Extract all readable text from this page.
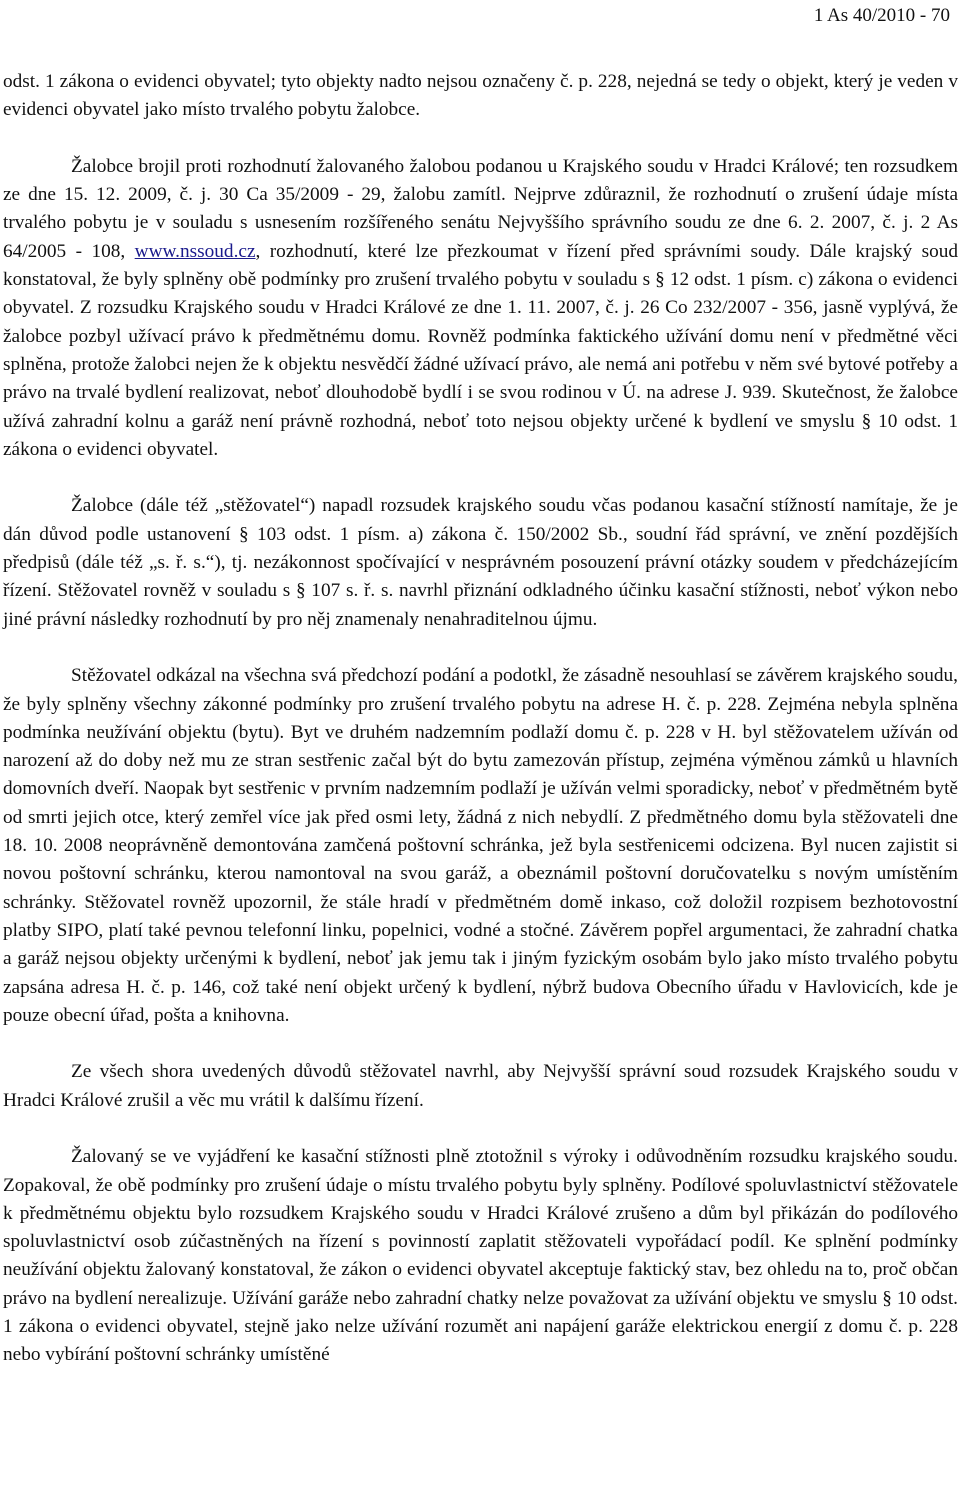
1 As 40/2010 - 70

odst. 1 zákona o evidenci obyvatel; tyto objekty nadto nejsou označeny č. p. 228, nejedná se tedy o objekt, který je veden v evidenci obyvatel jako místo trvalého pobytu žalobce.

Žalobce brojil proti rozhodnutí žalovaného žalobou podanou u Krajského soudu v Hradci Králové; ten rozsudkem ze dne 15. 12. 2009, č. j. 30 Ca 35/2009 - 29, žalobu zamítl. Nejprve zdůraznil, že rozhodnutí o zrušení údaje místa trvalého pobytu je v souladu s usnesením rozšířeného senátu Nejvyššího správního soudu ze dne 6. 2. 2007, č. j. 2 As 64/2005 - 108, www.nssoud.cz, rozhodnutí, které lze přezkoumat v řízení před správními soudy. Dále krajský soud konstatoval, že byly splněny obě podmínky pro zrušení trvalého pobytu v souladu s § 12 odst. 1 písm. c) zákona o evidenci obyvatel. Z rozsudku Krajského soudu v Hradci Králové ze dne 1. 11. 2007, č. j. 26 Co 232/2007 - 356, jasně vyplývá, že žalobce pozbyl užívací právo k předmětnému domu. Rovněž podmínka faktického užívání domu není v předmětné věci splněna, protože žalobci nejen že k objektu nesvědčí žádné užívací právo, ale nemá ani potřebu v něm své bytové potřeby a právo na trvalé bydlení realizovat, neboť dlouhodobě bydlí i se svou rodinou v Ú. na adrese J. 939. Skutečnost, že žalobce užívá zahradní kolnu a garáž není právně rozhodná, neboť toto nejsou objekty určené k bydlení ve smyslu § 10 odst. 1 zákona o evidenci obyvatel.

Žalobce (dále též „stěžovatel“) napadl rozsudek krajského soudu včas podanou kasační stížností namítaje, že je dán důvod podle ustanovení § 103 odst. 1 písm. a) zákona č. 150/2002 Sb., soudní řád správní, ve znění pozdějších předpisů (dále též „s. ř. s.“), tj. nezákonnost spočívající v nesprávném posouzení právní otázky soudem v předcházejícím řízení. Stěžovatel rovněž v souladu s § 107 s. ř. s. navrhl přiznání odkladného účinku kasační stížnosti, neboť výkon nebo jiné právní následky rozhodnutí by pro něj znamenaly nenahraditelnou újmu.

Stěžovatel odkázal na všechna svá předchozí podání a podotkl, že zásadně nesouhlasí se závěrem krajského soudu, že byly splněny všechny zákonné podmínky pro zrušení trvalého pobytu na adrese H. č. p. 228. Zejména nebyla splněna podmínka neužívání objektu (bytu). Byt ve druhém nadzemním podlaží domu č. p. 228 v H. byl stěžovatelem užíván od narození až do doby než mu ze stran sestřenic začal být do bytu zamezován přístup, zejména výměnou zámků u hlavních domovních dveří. Naopak byt sestřenic v prvním nadzemním podlaží je užíván velmi sporadicky, neboť v předmětném bytě od smrti jejich otce, který zemřel více jak před osmi lety, žádná z nich nebydlí. Z předmětného domu byla stěžovateli dne 18. 10. 2008 neoprávněně demontována zamčená poštovní schránka, jež byla sestřenicemi odcizena. Byl nucen zajistit si novou poštovní schránku, kterou namontoval na svou garáž, a obeznámil poštovní doručovatelku s novým umístěním schránky. Stěžovatel rovněž upozornil, že stále hradí v předmětném domě inkaso, což doložil rozpisem bezhotovostní platby SIPO, platí také pevnou telefonní linku, popelnici, vodné a stočné. Závěrem popřel argumentaci, že zahradní chatka a garáž nejsou objekty určenými k bydlení, neboť jak jemu tak i jiným fyzickým osobám bylo jako místo trvalého pobytu zapsána adresa H. č. p. 146, což také není objekt určený k bydlení, nýbrž budova Obecního úřadu v Havlovicích, kde je pouze obecní úřad, pošta a knihovna.

Ze všech shora uvedených důvodů stěžovatel navrhl, aby Nejvyšší správní soud rozsudek Krajského soudu v Hradci Králové zrušil a věc mu vrátil k dalšímu řízení.

Žalovaný se ve vyjádření ke kasační stížnosti plně ztotožnil s výroky i odůvodněním rozsudku krajského soudu. Zopakoval, že obě podmínky pro zrušení údaje o místu trvalého pobytu byly splněny. Podílové spoluvlastnictví stěžovatele k předmětnému objektu bylo rozsudkem Krajského soudu v Hradci Králové zrušeno a dům byl přikázán do podílového spoluvlastnictví osob zúčastněných na řízení s povinností zaplatit stěžovateli vypořádací podíl. Ke splnění podmínky neužívání objektu žalovaný konstatoval, že zákon o evidenci obyvatel akceptuje faktický stav, bez ohledu na to, proč občan právo na bydlení nerealizuje. Užívání garáže nebo zahradní chatky nelze považovat za užívání objektu ve smyslu § 10 odst. 1 zákona o evidenci obyvatel, stejně jako nelze užívání rozumět ani napájení garáže elektrickou energií z domu č. p. 228 nebo vybírání poštovní schránky umístěné
